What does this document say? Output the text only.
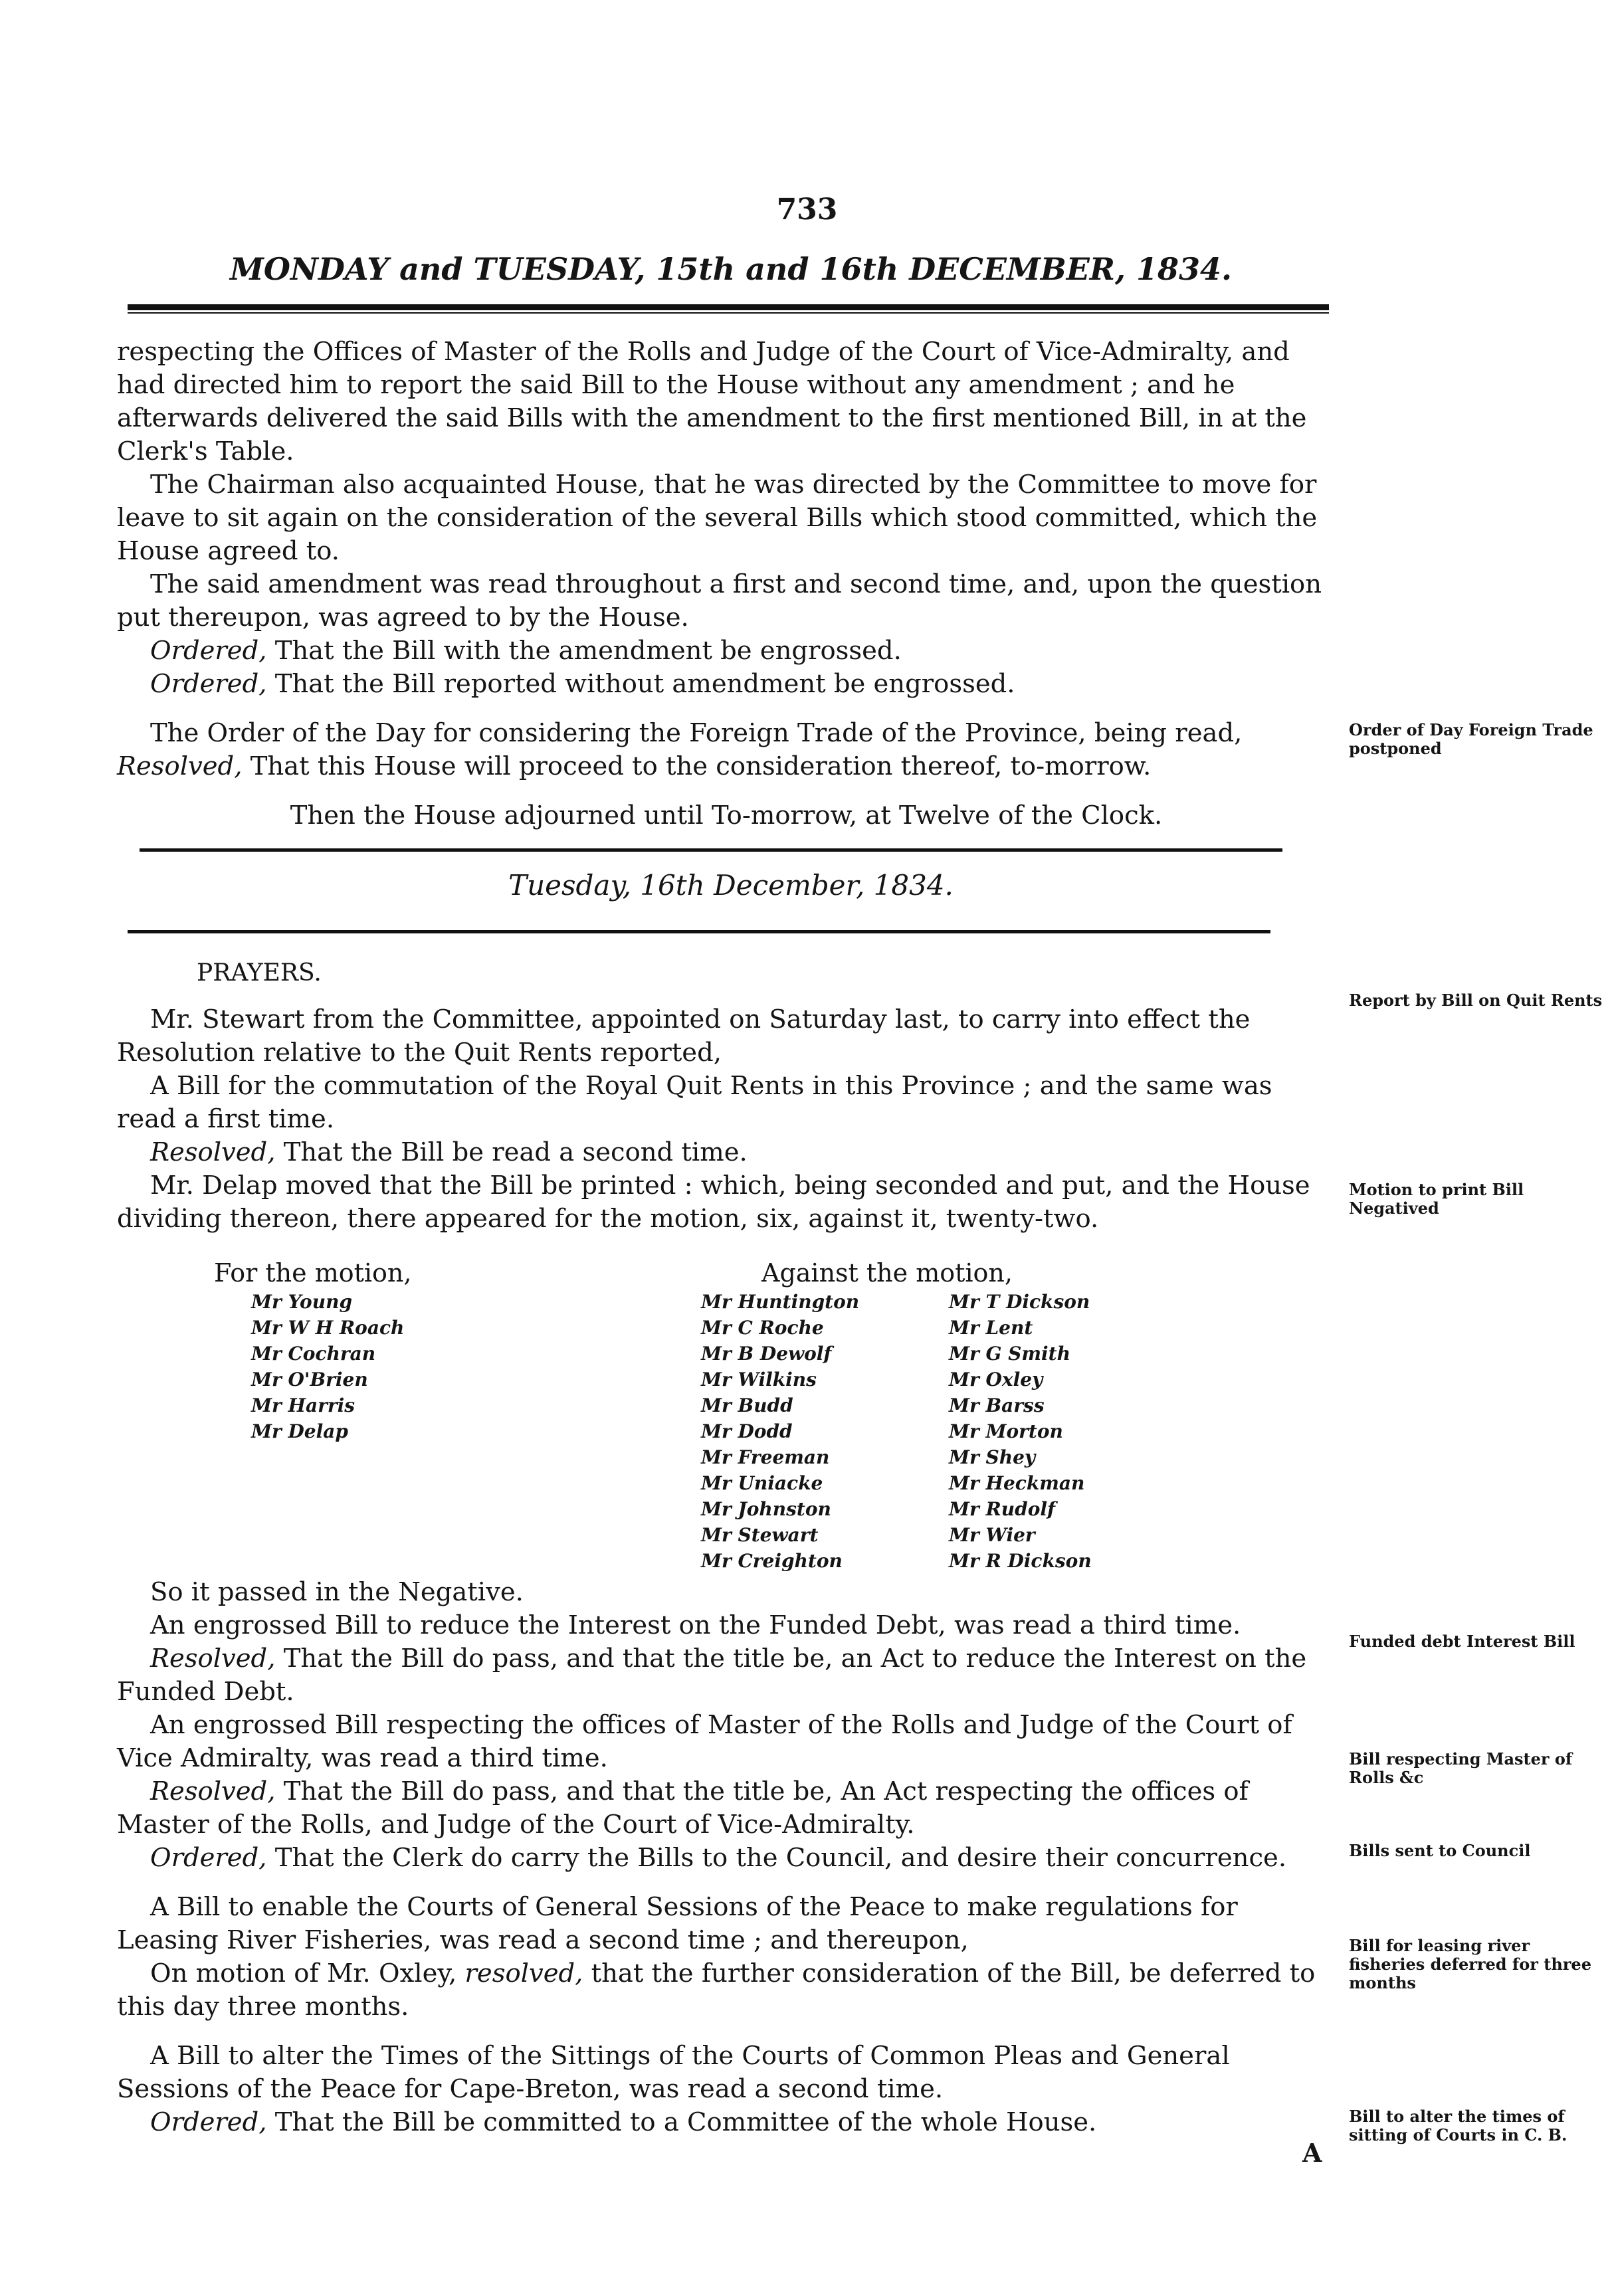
733
MONDAY and TUESDAY, 15th and 16th DECEMBER, 1834.

respecting the Offices of Master of the Rolls and Judge of the Court of Vice-Admiralty, and had directed him to report the said Bill to the House without any amendment ; and he afterwards delivered the said Bills with the amendment to the first mentioned Bill, in at the Clerk's Table.

The Chairman also acquainted House, that he was directed by the Committee to move for leave to sit again on the consideration of the several Bills which stood committed, which the House agreed to.

The said amendment was read throughout a first and second time, and, upon the question put thereupon, was agreed to by the House.

Ordered, That the Bill with the amendment be engrossed.

Ordered, That the Bill reported without amendment be engrossed.

The Order of the Day for considering the Foreign Trade of the Province, being read, Resolved, That this House will proceed to the consideration thereof, to-morrow.

Then the House adjourned until To-morrow, at Twelve of the Clock.

Tuesday, 16th December, 1834.

PRAYERS.

Mr. Stewart from the Committee, appointed on Saturday last, to carry into effect the Resolution relative to the Quit Rents reported,

A Bill for the commutation of the Royal Quit Rents in this Province ; and the same was read a first time.

Resolved, That the Bill be read a second time.

Mr. Delap moved that the Bill be printed : which, being seconded and put, and the House dividing thereon, there appeared for the motion, six, against it, twenty-two.

For the motion,	Against the motion,
Mr Young
Mr W H Roach
Mr Cochran
Mr O'Brien
Mr Harris
Mr Delap
Mr Huntington
Mr C Roche
Mr B Dewolf
Mr Wilkins
Mr Budd
Mr Dodd
Mr Freeman
Mr Uniacke
Mr Johnston
Mr Stewart
Mr Creighton
Mr T Dickson
Mr Lent
Mr G Smith
Mr Oxley
Mr Barss
Mr Morton
Mr Shey
Mr Heckman
Mr Rudolf
Mr Wier
Mr R Dickson

So it passed in the Negative.

An engrossed Bill to reduce the Interest on the Funded Debt, was read a third time.

Resolved, That the Bill do pass, and that the title be, an Act to reduce the Interest on the Funded Debt.

An engrossed Bill respecting the offices of Master of the Rolls and Judge of the Court of Vice Admiralty, was read a third time.

Resolved, That the Bill do pass, and that the title be, An Act respecting the offices of Master of the Rolls, and Judge of the Court of Vice-Admiralty.

Ordered, That the Clerk do carry the Bills to the Council, and desire their concurrence.

A Bill to enable the Courts of General Sessions of the Peace to make regulations for Leasing River Fisheries, was read a second time ; and thereupon,

On motion of Mr. Oxley, resolved, that the further consideration of the Bill, be deferred to this day three months.

A Bill to alter the Times of the Sittings of the Courts of Common Pleas and General Sessions of the Peace for Cape-Breton, was read a second time.

Ordered, That the Bill be committed to a Committee of the whole House.

A
Order of Day Foreign Trade postponed
Report by Bill on Quit Rents
Motion to print Bill Negatived
Funded debt Interest Bill
Bill respecting Master of Rolls &c
Bills sent to Council
Bill for leasing river fisheries deferred for three months
Bill to alter the times of sitting of Courts in C. B.
